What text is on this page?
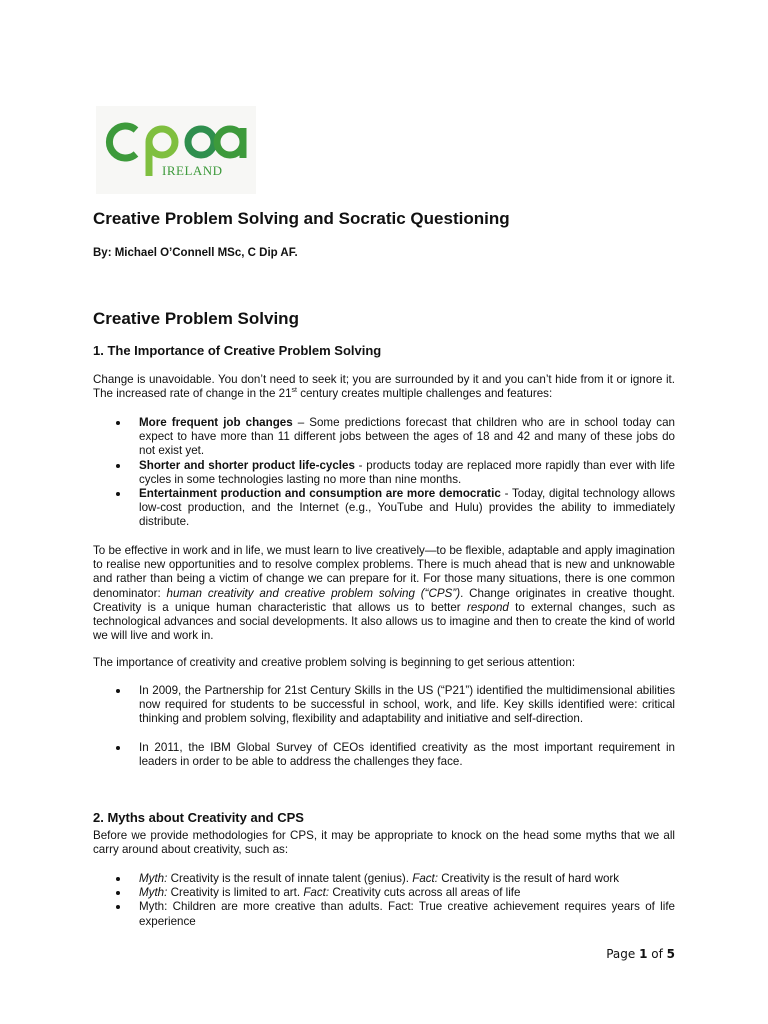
IRELAND
Creative Problem Solving and Socratic Questioning
By: Michael O’Connell MSc, C Dip AF.
Creative Problem Solving
1. The Importance of Creative Problem Solving
Change is unavoidable. You don’t need to seek it; you are surrounded by it and you can’t hide from it or ignore it. The increased rate of change in the 21st century creates multiple challenges and features:
More frequent job changes – Some predictions forecast that children who are in school today can expect to have more than 11 different jobs between the ages of 18 and 42 and many of these jobs do not exist yet.
Shorter and shorter product life-cycles - products today are replaced more rapidly than ever with life cycles in some technologies lasting no more than nine months.
Entertainment production and consumption are more democratic - Today, digital technology allows low-cost production, and the Internet (e.g., YouTube and Hulu) provides the ability to immediately distribute.
To be effective in work and in life, we must learn to live creatively—to be flexible, adaptable and apply imagination to realise new opportunities and to resolve complex problems. There is much ahead that is new and unknowable and rather than being a victim of change we can prepare for it. For those many situations, there is one common denominator: human creativity and creative problem solving (“CPS”). Change originates in creative thought. Creativity is a unique human characteristic that allows us to better respond to external changes, such as technological advances and social developments. It also allows us to imagine and then to create the kind of world we will live and work in.
The importance of creativity and creative problem solving is beginning to get serious attention:
In 2009, the Partnership for 21st Century Skills in the US (“P21”) identified the multidimensional abilities now required for students to be successful in school, work, and life. Key skills identified were: critical thinking and problem solving, flexibility and adaptability and initiative and self-direction.
In 2011, the IBM Global Survey of CEOs identified creativity as the most important requirement in leaders in order to be able to address the challenges they face.
2. Myths about Creativity and CPS
Before we provide methodologies for CPS, it may be appropriate to knock on the head some myths that we all carry around about creativity, such as:
Myth: Creativity is the result of innate talent (genius). Fact: Creativity is the result of hard work
Myth: Creativity is limited to art. Fact: Creativity cuts across all areas of life
Myth: Children are more creative than adults. Fact: True creative achievement requires years of life experience
Page 1 of 5
